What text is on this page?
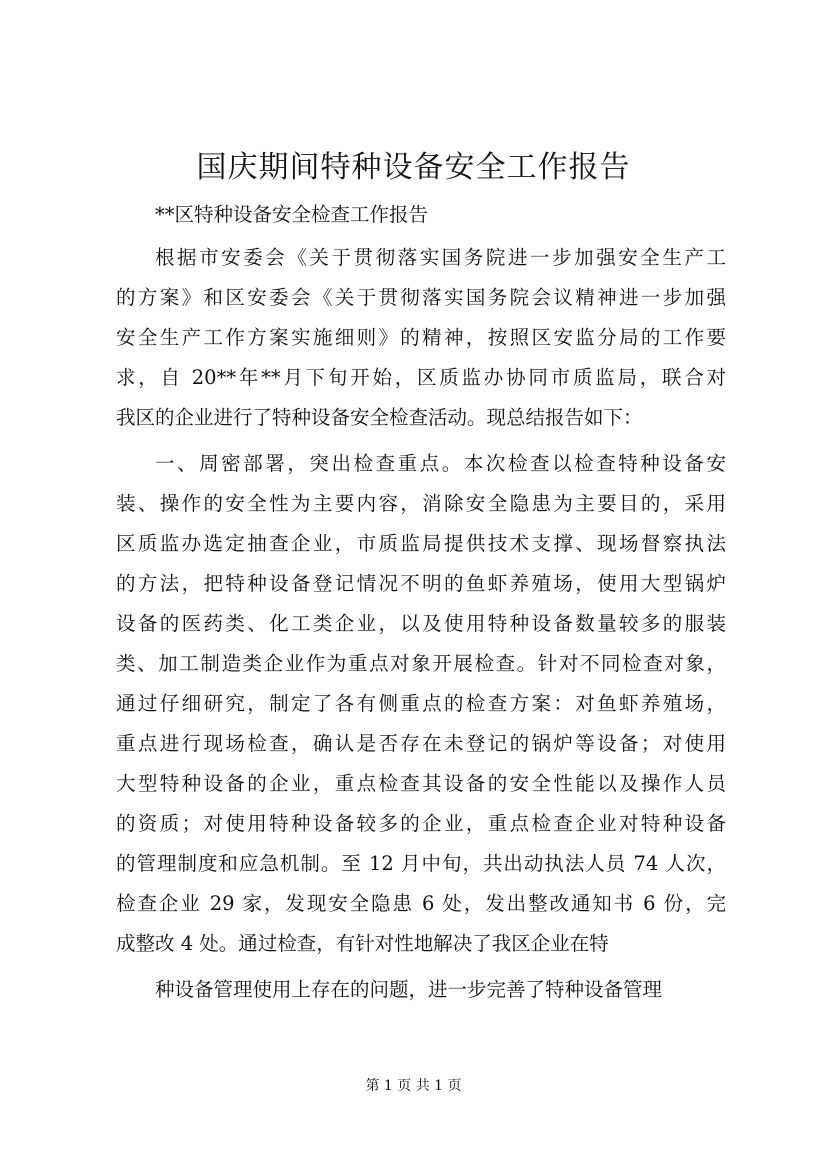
国庆期间特种设备安全工作报告

**区特种设备安全检查工作报告

根据市安委会《关于贯彻落实国务院进一步加强安全生产工

的方案》和区安委会《关于贯彻落实国务院会议精神进一步加强

安全生产工作方案实施细则》的精神，按照区安监分局的工作要

求，自 20**年**月下旬开始，区质监办协同市质监局，联合对

我区的企业进行了特种设备安全检查活动。现总结报告如下：

一、周密部署，突出检查重点。本次检查以检查特种设备安

装、操作的安全性为主要内容，消除安全隐患为主要目的，采用

区质监办选定抽查企业，市质监局提供技术支撑、现场督察执法

的方法，把特种设备登记情况不明的鱼虾养殖场，使用大型锅炉

设备的医药类、化工类企业，以及使用特种设备数量较多的服装

类、加工制造类企业作为重点对象开展检查。针对不同检查对象，

通过仔细研究，制定了各有侧重点的检查方案：对鱼虾养殖场，

重点进行现场检查，确认是否存在未登记的锅炉等设备；对使用

大型特种设备的企业，重点检查其设备的安全性能以及操作人员

的资质；对使用特种设备较多的企业，重点检查企业对特种设备

的管理制度和应急机制。至 12 月中旬，共出动执法人员 74 人次，

检查企业 29 家，发现安全隐患 6 处，发出整改通知书 6 份，完

成整改 4 处。通过检查，有针对性地解决了我区企业在特

种设备管理使用上存在的问题，进一步完善了特种设备管理

第 1 页 共 1 页
